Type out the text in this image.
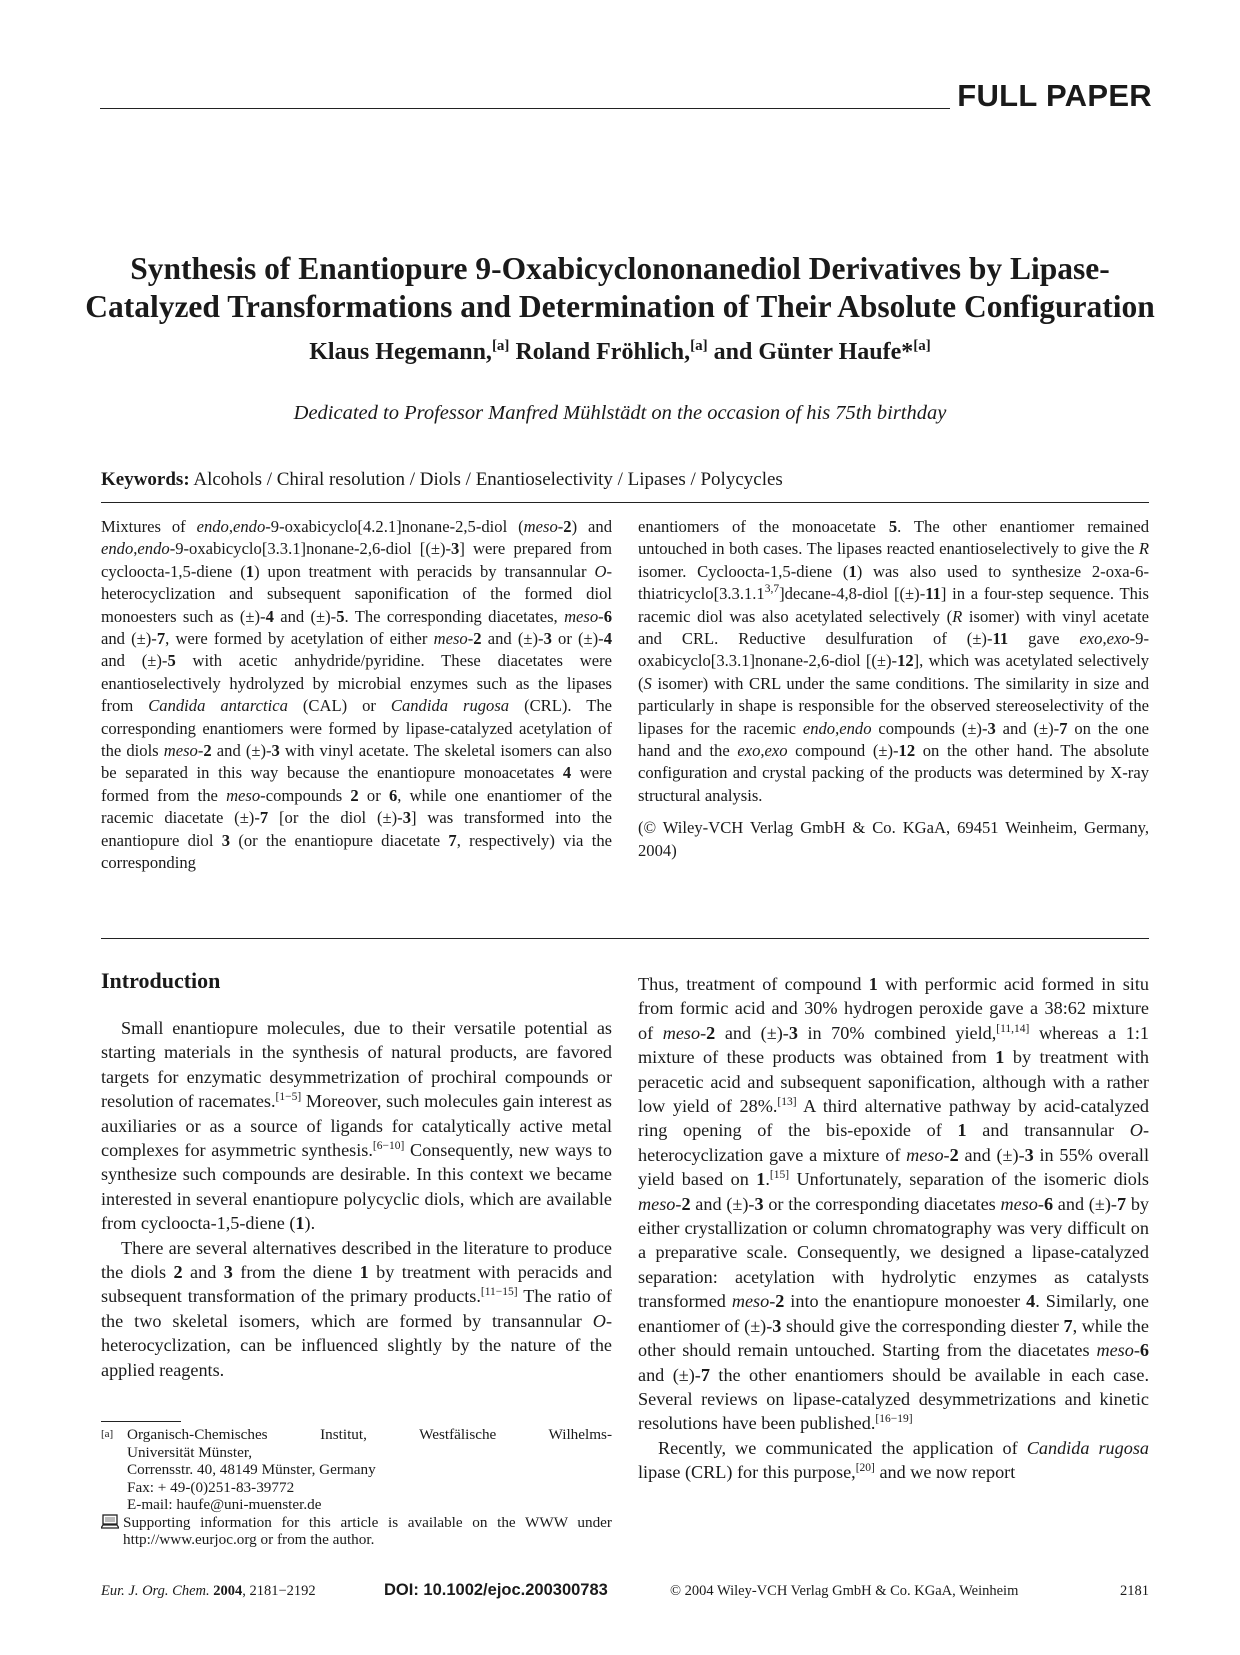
FULL PAPER
Synthesis of Enantiopure 9-Oxabicyclononanediol Derivatives by Lipase-
Catalyzed Transformations and Determination of Their Absolute Configuration
Klaus Hegemann,[a] Roland Fröhlich,[a] and Günter Haufe*[a]
Dedicated to Professor Manfred Mühlstädt on the occasion of his 75th birthday
Keywords: Alcohols / Chiral resolution / Diols / Enantioselectivity / Lipases / Polycycles

Mixtures of endo,endo-9-oxabicyclo[4.2.1]nonane-2,5-diol (meso-2) and endo,endo-9-oxabicyclo[3.3.1]nonane-2,6-diol [(±)-3] were prepared from cycloocta-1,5-diene (1) upon treatment with peracids by transannular O-heterocyclization and subsequent saponification of the formed diol monoesters such as (±)-4 and (±)-5. The corresponding diacetates, meso-6 and (±)-7, were formed by acetylation of either meso-2 and (±)-3 or (±)-4 and (±)-5 with acetic anhydride/pyridine. These diacetates were enantioselectively hydrolyzed by microbial enzymes such as the lipases from Candida antarctica (CAL) or Candida rugosa (CRL). The corresponding enantiomers were formed by lipase-catalyzed acetylation of the diols meso-2 and (±)-3 with vinyl acetate. The skeletal isomers can also be separated in this way because the enantiopure monoacetates 4 were formed from the meso-compounds 2 or 6, while one enantiomer of the racemic diacetate (±)-7 [or the diol (±)-3] was transformed into the enantiopure diol 3 (or the enantiopure diacetate 7, respectively) via the corresponding

enantiomers of the monoacetate 5. The other enantiomer remained untouched in both cases. The lipases reacted enantioselectively to give the R isomer. Cycloocta-1,5-diene (1) was also used to synthesize 2-oxa-6-thiatricyclo[3.3.1.1$^{3,7}$]decane-4,8-diol [(±)-11] in a four-step sequence. This racemic diol was also acetylated selectively (R isomer) with vinyl acetate and CRL. Reductive desulfuration of (±)-11 gave exo,exo-9-oxabicyclo[3.3.1]nonane-2,6-diol [(±)-12], which was acetylated selectively (S isomer) with CRL under the same conditions. The similarity in size and particularly in shape is responsible for the observed stereoselectivity of the lipases for the racemic endo,endo compounds (±)-3 and (±)-7 on the one hand and the exo,exo compound (±)-12 on the other hand. The absolute configuration and crystal packing of the products was determined by X-ray structural analysis.

(© Wiley-VCH Verlag GmbH & Co. KGaA, 69451 Weinheim, Germany, 2004)

Introduction

Small enantiopure molecules, due to their versatile potential as starting materials in the synthesis of natural products, are favored targets for enzymatic desymmetrization of prochiral compounds or resolution of racemates.[1−5] Moreover, such molecules gain interest as auxiliaries or as a source of ligands for catalytically active metal complexes for asymmetric synthesis.[6−10] Consequently, new ways to synthesize such compounds are desirable. In this context we became interested in several enantiopure polycyclic diols, which are available from cycloocta-1,5-diene (1).

There are several alternatives described in the literature to produce the diols 2 and 3 from the diene 1 by treatment with peracids and subsequent transformation of the primary products.[11−15] The ratio of the two skeletal isomers, which are formed by transannular O-heterocyclization, can be influenced slightly by the nature of the applied reagents.

Thus, treatment of compound 1 with performic acid formed in situ from formic acid and 30% hydrogen peroxide gave a 38:62 mixture of meso-2 and (±)-3 in 70% combined yield,[11,14] whereas a 1:1 mixture of these products was obtained from 1 by treatment with peracetic acid and subsequent saponification, although with a rather low yield of 28%.[13] A third alternative pathway by acid-catalyzed ring opening of the bis-epoxide of 1 and transannular O-heterocyclization gave a mixture of meso-2 and (±)-3 in 55% overall yield based on 1.[15] Unfortunately, separation of the isomeric diols meso-2 and (±)-3 or the corresponding diacetates meso-6 and (±)-7 by either crystallization or column chromatography was very difficult on a preparative scale. Consequently, we designed a lipase-catalyzed separation: acetylation with hydrolytic enzymes as catalysts transformed meso-2 into the enantiopure monoester 4. Similarly, one enantiomer of (±)-3 should give the corresponding diester 7, while the other should remain untouched. Starting from the diacetates meso-6 and (±)-7 the other enantiomers should be available in each case. Several reviews on lipase-catalyzed desymmetrizations and kinetic resolutions have been published.[16−19]

Recently, we communicated the application of Candida rugosa lipase (CRL) for this purpose,[20] and we now report

[a] Organisch-Chemisches Institut, Westfälische Wilhelms-
Universität Münster,
Corrensstr. 40, 48149 Münster, Germany
Fax: + 49-(0)251-83-39772
E-mail: haufe@uni-muenster.de
Supporting information for this article is available on the WWW under http://www.eurjoc.org or from the author.
Eur. J. Org. Chem. 2004, 2181−2192	DOI: 10.1002/ejoc.200300783	© 2004 Wiley-VCH Verlag GmbH & Co. KGaA, Weinheim	2181
